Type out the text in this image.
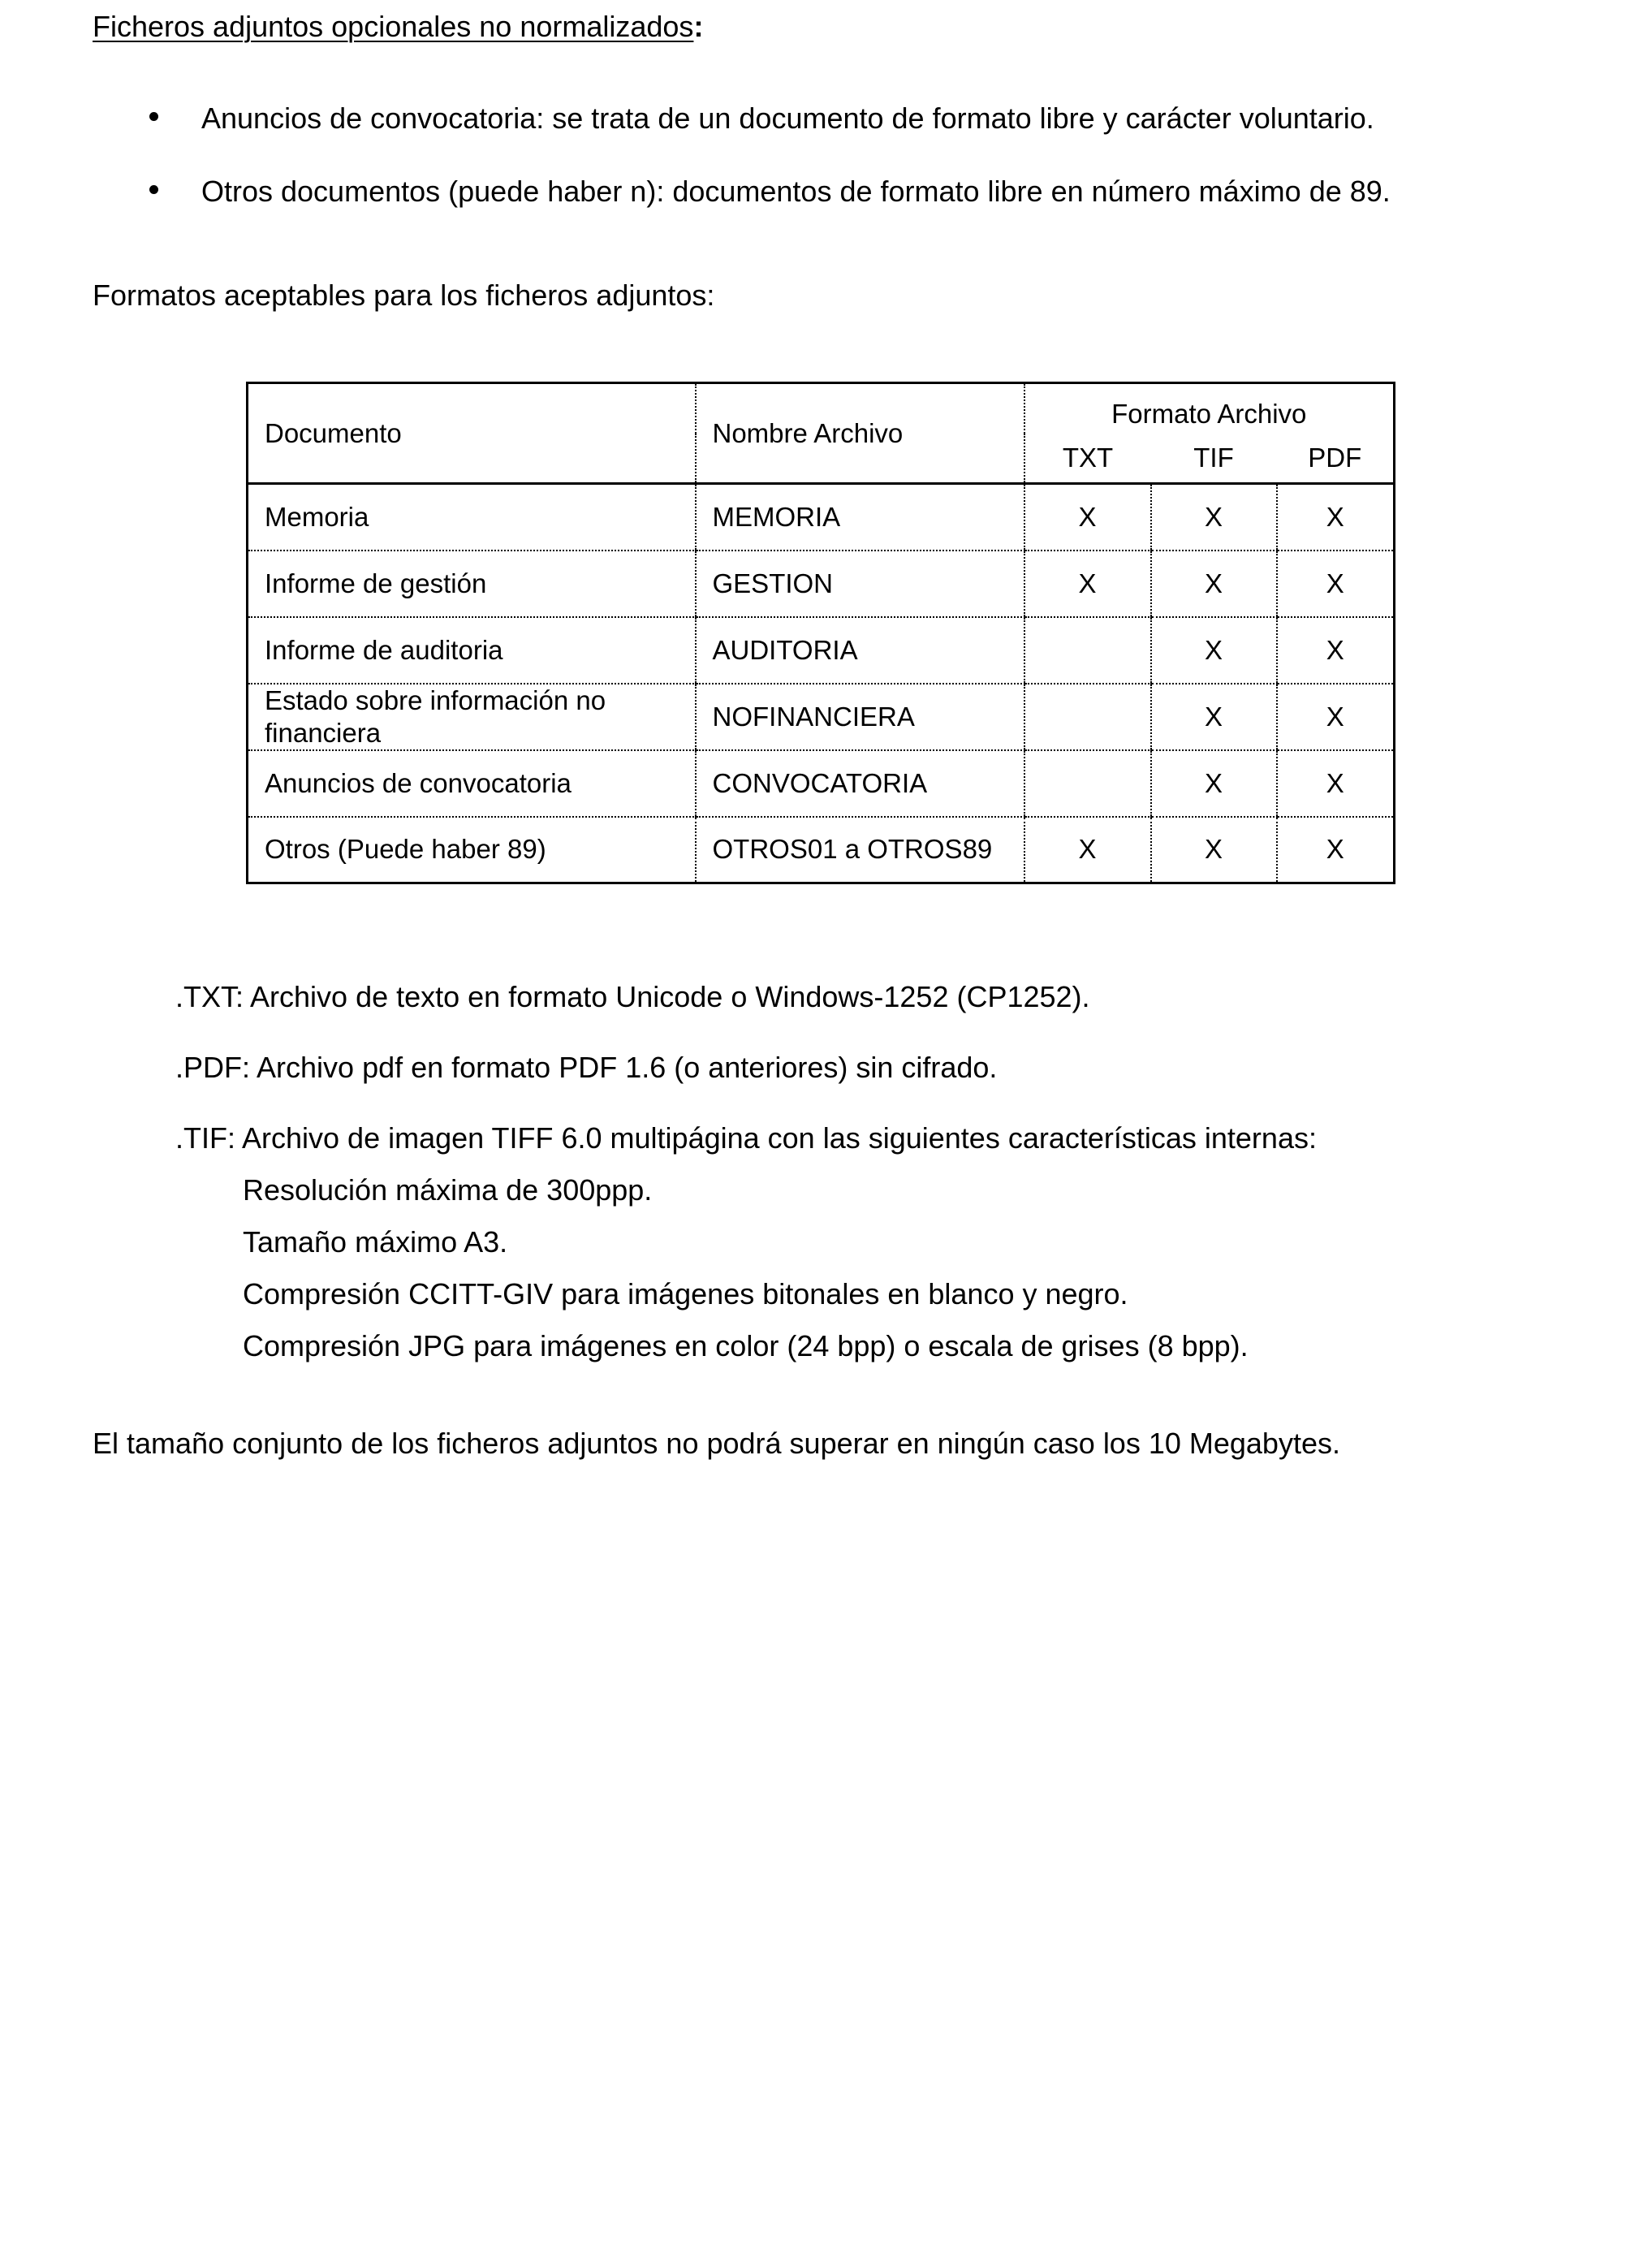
Ficheros adjuntos opcionales no normalizados:
Anuncios de convocatoria: se trata de un documento de formato libre y carácter voluntario.
Otros documentos (puede haber n): documentos de formato libre en número máximo de 89.
Formatos aceptables para los ficheros adjuntos:
Documento	Nombre Archivo	Formato Archivo		
		TXT	TIF	PDF
Memoria	MEMORIA	X	X	X
Informe de gestión	GESTION	X	X	X
Informe de auditoria	AUDITORIA		X	X
Estado sobre información no financiera	NOFINANCIERA		X	X
Anuncios de convocatoria	CONVOCATORIA		X	X
Otros (Puede haber 89)	OTROS01 a OTROS89	X	X	X
.TXT: Archivo de texto en formato Unicode o Windows-1252 (CP1252).
.PDF: Archivo pdf en formato PDF 1.6 (o anteriores) sin cifrado.
.TIF: Archivo de imagen TIFF 6.0 multipágina con las siguientes características internas:
Resolución máxima de 300ppp.
Tamaño máximo A3.
Compresión CCITT-GIV para imágenes bitonales en blanco y negro.
Compresión JPG para imágenes en color (24 bpp) o escala de grises (8 bpp).
El tamaño conjunto de los ficheros adjuntos no podrá superar en ningún caso los 10 Megabytes.
